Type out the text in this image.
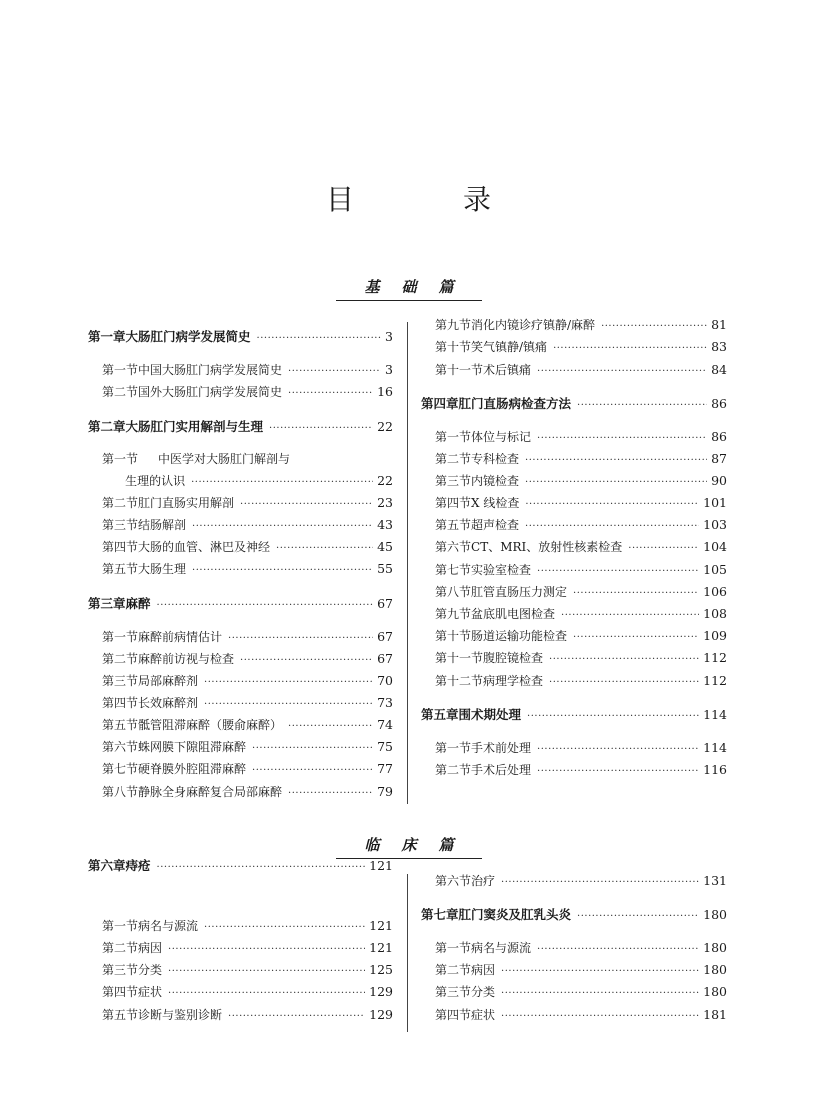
目 录
基础篇
第一章 大肠肛门病学发展简史 ·····	3
第一节 中国大肠肛门病学发展简史 ·····	3
第二节 国外大肠肛门病学发展简史 ·····	16
第二章 大肠肛门实用解剖与生理 ·····	22
第一节	中医学对大肠肛门解剖与
生理的认识 ·····	22
第二节 肛门直肠实用解剖 ·····	23
第三节 结肠解剖 ·····	43
第四节 大肠的血管、淋巴及神经 ·····	45
第五节 大肠生理 ·····	55
第三章 麻醉 ·····	67
第一节 麻醉前病情估计 ·····	67
第二节 麻醉前访视与检查 ·····	67
第三节 局部麻醉剂 ·····	70
第四节 长效麻醉剂 ·····	73
第五节 骶管阻滞麻醉（腰俞麻醉） ·····	74
第六节 蛛网膜下隙阻滞麻醉 ·····	75
第七节 硬脊膜外腔阻滞麻醉 ·····	77
第八节 静脉全身麻醉复合局部麻醉 ·····	79
第九节 消化内镜诊疗镇静/麻醉 ·····	81
第十节 笑气镇静/镇痛 ·····	83
第十一节 术后镇痛 ·····	84
第四章 肛门直肠病检查方法 ·····	86
第一节 体位与标记 ·····	86
第二节 专科检查 ·····	87
第三节 内镜检查 ·····	90
第四节 X 线检查 ·····	101
第五节 超声检查 ·····	103
第六节 CT、MRI、放射性核素检查 ·····	104
第七节 实验室检查 ·····	105
第八节 肛管直肠压力测定 ·····	106
第九节 盆底肌电图检查 ·····	108
第十节 肠道运输功能检查 ·····	109
第十一节 腹腔镜检查 ·····	112
第十二节 病理学检查 ·····	112
第五章 围术期处理 ·····	114
第一节 手术前处理 ·····	114
第二节 手术后处理 ·····	116
临床篇
第六章 痔疮 ·····	121
第一节 病名与源流 ·····	121
第二节 病因 ·····	121
第三节 分类 ·····	125
第四节 症状 ·····	129
第五节 诊断与鉴别诊断 ·····	129
第六节 治疗 ·····	131
第七章 肛门窦炎及肛乳头炎 ·····	180
第一节 病名与源流 ·····	180
第二节 病因 ·····	180
第三节 分类 ·····	180
第四节 症状 ·····	181
